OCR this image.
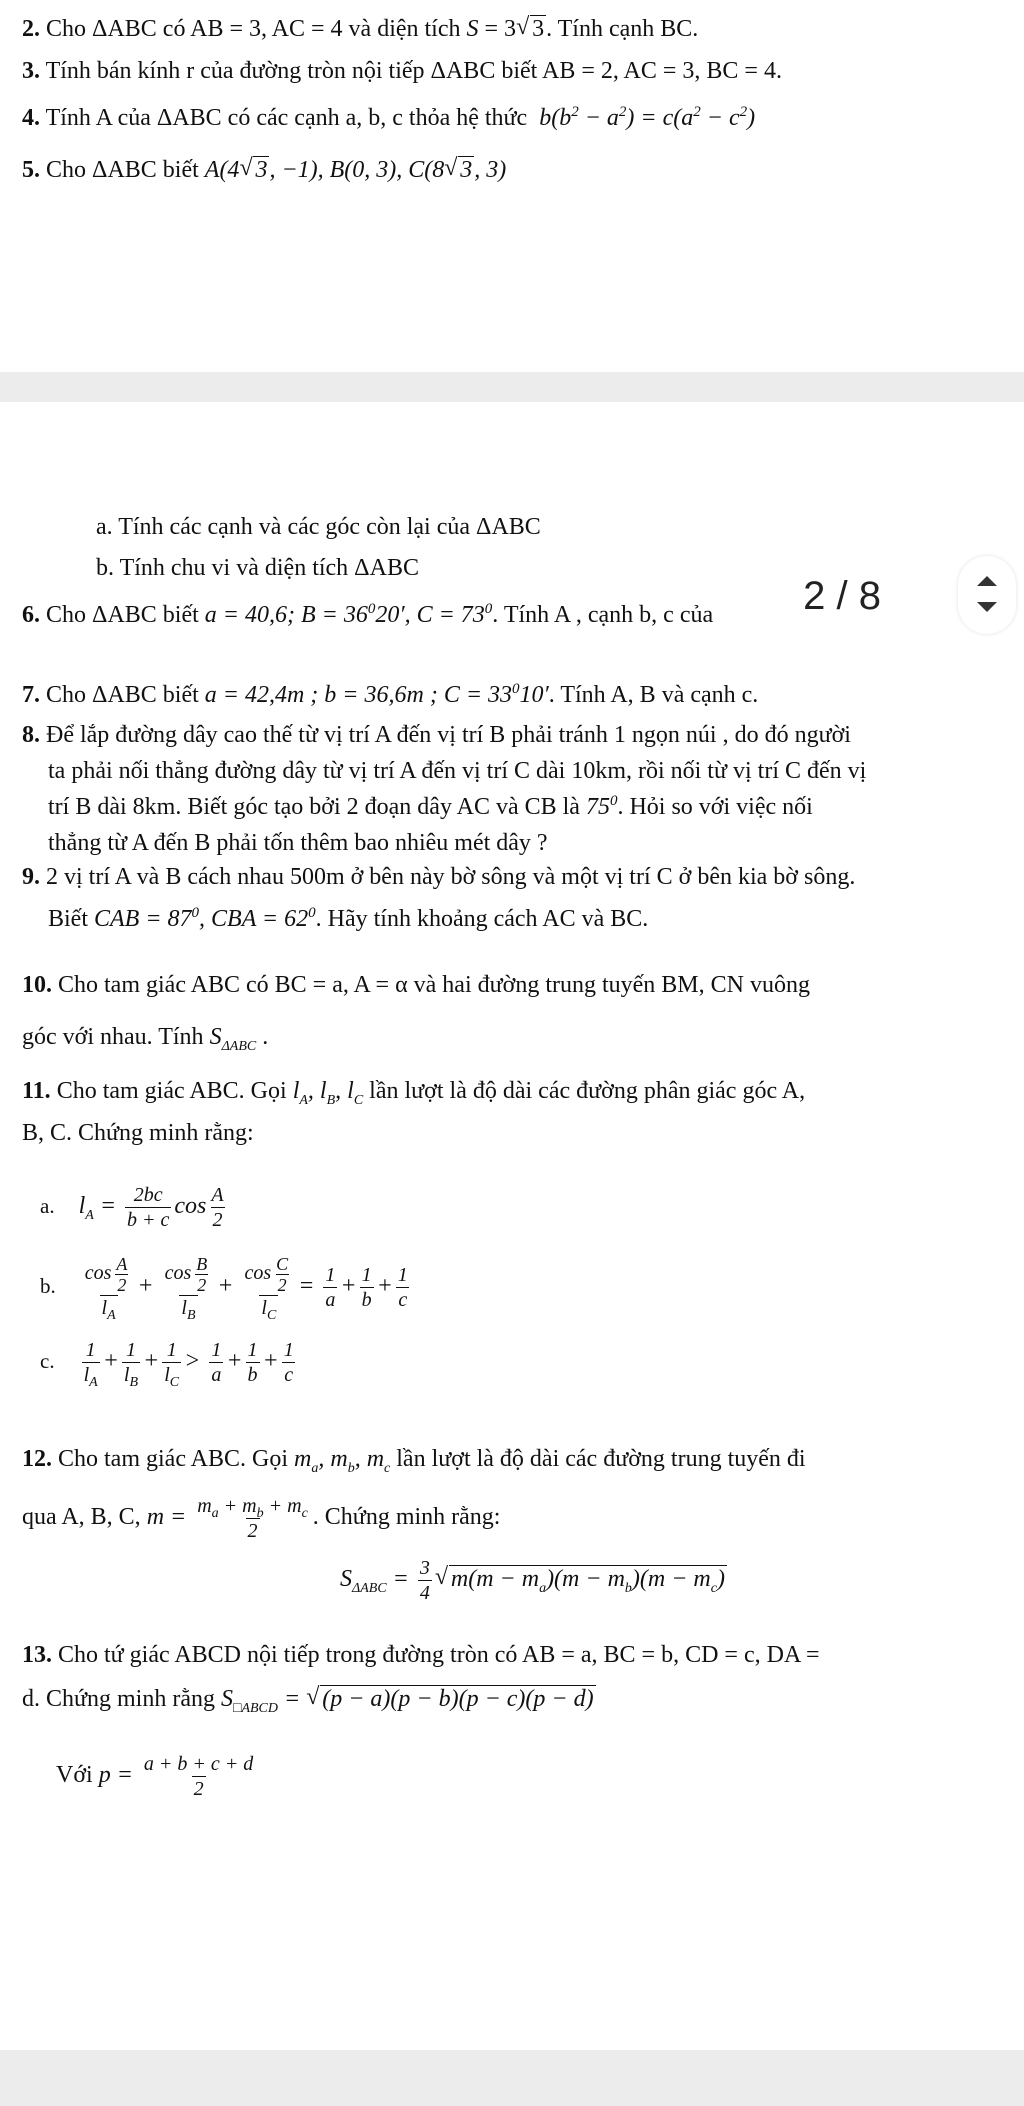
2. Cho ΔABC có AB = 3, AC = 4 và diện tích S = 3 √ 3. Tính cạnh BC.
3. Tính bán kính r của đường tròn nội tiếp ΔABC biết AB = 2, AC = 3, BC = 4.
4. Tính A của ΔABC có các cạnh a, b, c thỏa hệ thức  $b(b^2 - a^2) = c(a^2 - c^2)$
5. Cho ΔABC biết A(4 √ 3, −1), B(0, 3), C(8 √ 3, 3)
a. Tính các cạnh và các góc còn lại của ΔABC
b. Tính chu vi và diện tích ΔABC
6. Cho ΔABC biết a = 40,6; $B = 36^020'$, $C = 73^0$. Tính A , cạnh b, c của
7. Cho ΔABC biết a = 42,4m ; b = 36,6m ; $C = 33^010'$. Tính A, B và cạnh c.
8. Để lắp đường dây cao thế từ vị trí A đến vị trí B phải tránh 1 ngọn núi , do đó người
ta phải nối thẳng đường dây từ vị trí A đến vị trí C dài 10km, rồi nối từ vị trí C đến vị
trí B dài 8km. Biết góc tạo bởi 2 đoạn dây AC và CB là $75^0$. Hỏi so với việc nối
thẳng từ A đến B phải tốn thêm bao nhiêu mét dây ?
9. 2 vị trí A và B cách nhau 500m ở bên này bờ sông và một vị trí C ở bên kia bờ sông.
Biết CAB = $87^0$, CBA = $62^0$. Hãy tính khoảng cách AC và BC.
10. Cho tam giác ABC có BC = a, A = α và hai đường trung tuyến BM, CN vuông
góc với nhau. Tính $S_{\Delta ABC}$ .
11. Cho tam giác ABC. Gọi $l_A$, $l_B$, $l_C$ lần lượt là độ dài các đường phân giác góc A,
B, C. Chứng minh rằng:
a.    $l_A = \frac{2bc}{b + c}$ $\cos \frac{A}{2}$
b. $\frac{\cos \frac{A}{2}}{l_A} + \frac{\cos \frac{B}{2}}{l_B} + \frac{\cos \frac{C}{2}}{l_C} = \frac{1}{a} + \frac{1}{b} + \frac{1}{c}$
c. $\frac{1}{l_A} + \frac{1}{l_B} + \frac{1}{l_C} > \frac{1}{a} + \frac{1}{b} + \frac{1}{c}$
12. Cho tam giác ABC. Gọi $m_a$, $m_b$, $m_c$ lần lượt là độ dài các đường trung tuyến đi
qua A, B, C, $m = \frac{m_a + m_b + m_c}{2}$ . Chứng minh rằng:
$S_{\Delta ABC} = \frac{3}{4}$ √ $m(m - m_a)(m - m_b)(m - m_c)$
13. Cho tứ giác ABCD nội tiếp trong đường tròn có AB = a, BC = b, CD = c, DA =
d. Chứng minh rằng $S_{□ABCD}$ = √ (p − a)(p − b)(p − c)(p − d)
Với $p = \frac{a + b + c + d}{2}$
2 / 8
